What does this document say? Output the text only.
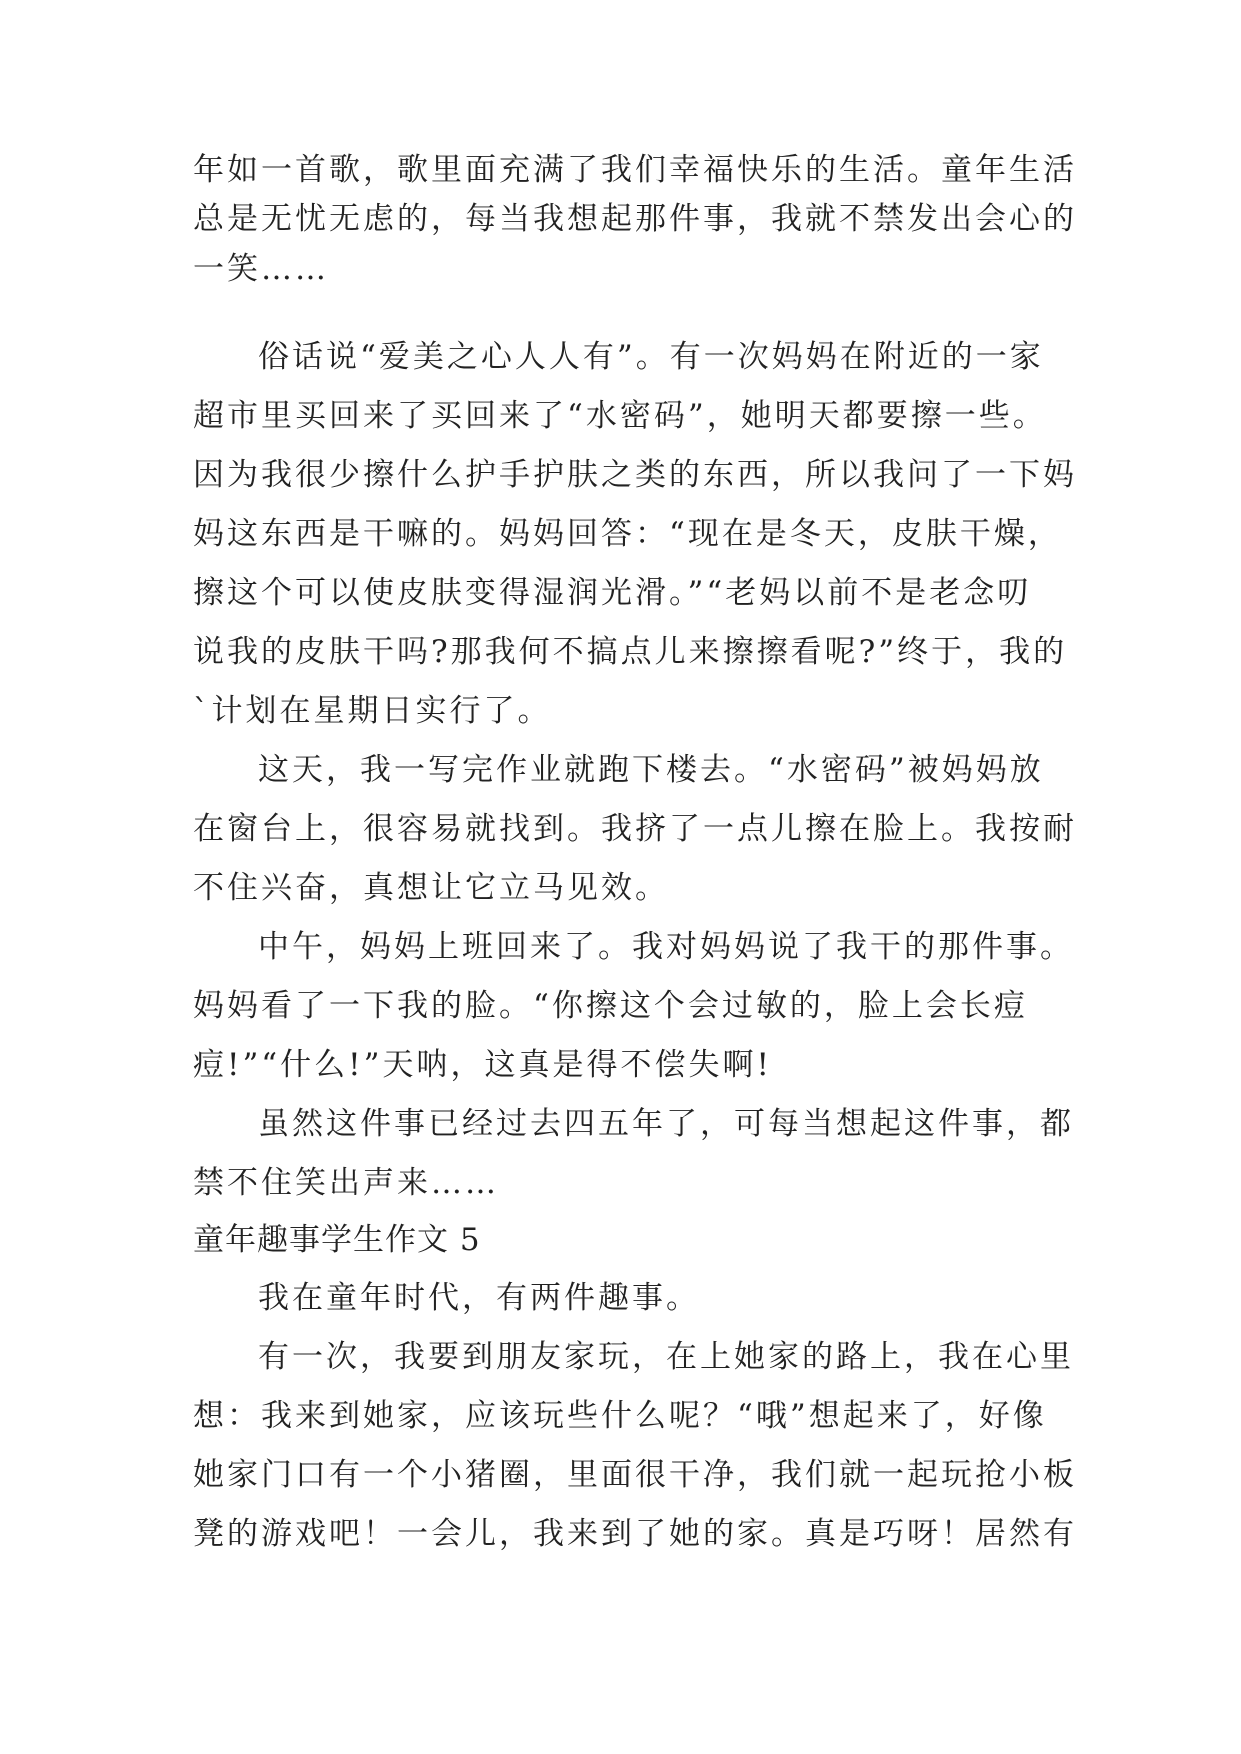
年如一首歌，歌里面充满了我们幸福快乐的生活。童年生活
总是无忧无虑的，每当我想起那件事，我就不禁发出会心的
一笑……
俗话说“爱美之心人人有”。有一次妈妈在附近的一家
超市里买回来了买回来了“水密码”，她明天都要擦一些。
因为我很少擦什么护手护肤之类的东西，所以我问了一下妈
妈这东西是干嘛的。妈妈回答：“现在是冬天，皮肤干燥，
擦这个可以使皮肤变得湿润光滑。”“老妈以前不是老念叨
说我的皮肤干吗?那我何不搞点儿来擦擦看呢?”终于，我的
`计划在星期日实行了。
这天，我一写完作业就跑下楼去。“水密码”被妈妈放
在窗台上，很容易就找到。我挤了一点儿擦在脸上。我按耐
不住兴奋，真想让它立马见效。
中午，妈妈上班回来了。我对妈妈说了我干的那件事。
妈妈看了一下我的脸。“你擦这个会过敏的，脸上会长痘
痘!”“什么!”天呐，这真是得不偿失啊!
虽然这件事已经过去四五年了，可每当想起这件事，都
禁不住笑出声来……
童年趣事学生作文 5
我在童年时代，有两件趣事。
有一次，我要到朋友家玩，在上她家的路上，我在心里
想：我来到她家，应该玩些什么呢？“哦”想起来了，好像
她家门口有一个小猪圈，里面很干净，我们就一起玩抢小板
凳的游戏吧！一会儿，我来到了她的家。真是巧呀！居然有
